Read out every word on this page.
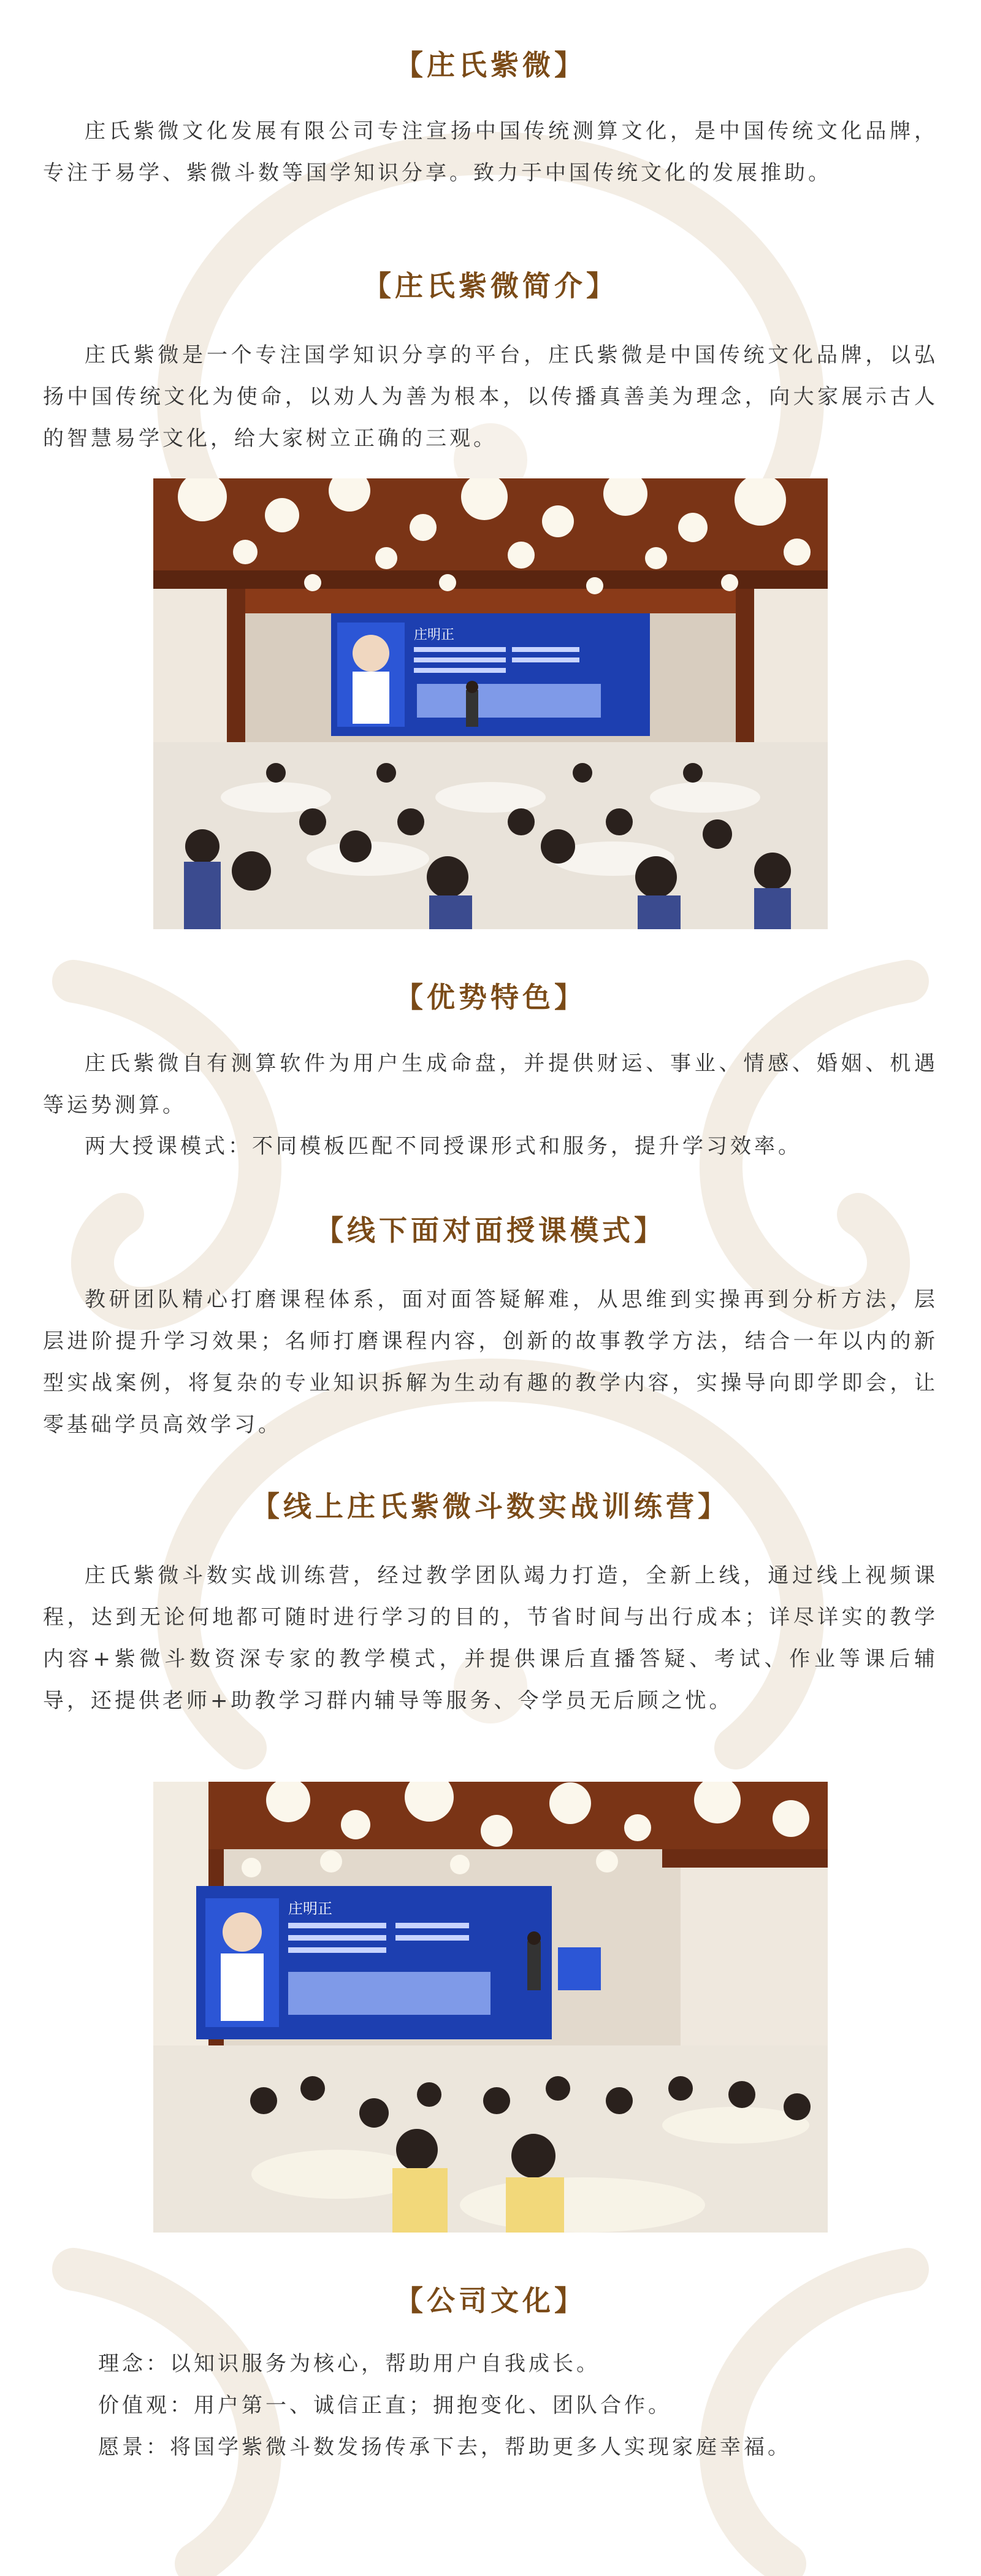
【庄氏紫微】

庄氏紫微文化发展有限公司专注宣扬中国传统测算文化，是中国传统文化品牌，专注于易学、紫微斗数等国学知识分享。致力于中国传统文化的发展推助。

【庄氏紫微简介】

庄氏紫微是一个专注国学知识分享的平台，庄氏紫微是中国传统文化品牌，以弘扬中国传统文化为使命，以劝人为善为根本，以传播真善美为理念，向大家展示古人的智慧易学文化，给大家树立正确的三观。

庄明正
【优势特色】

庄氏紫微自有测算软件为用户生成命盘，并提供财运、事业、情感、婚姻、机遇等运势测算。

两大授课模式：不同模板匹配不同授课形式和服务，提升学习效率。

【线下面对面授课模式】

教研团队精心打磨课程体系，面对面答疑解难，从思维到实操再到分析方法，层层进阶提升学习效果；名师打磨课程内容，创新的故事教学方法，结合一年以内的新型实战案例，将复杂的专业知识拆解为生动有趣的教学内容，实操导向即学即会，让零基础学员高效学习。

【线上庄氏紫微斗数实战训练营】

庄氏紫微斗数实战训练营，经过教学团队竭力打造，全新上线，通过线上视频课程，达到无论何地都可随时进行学习的目的，节省时间与出行成本；详尽详实的教学内容+紫微斗数资深专家的教学模式，并提供课后直播答疑、考试、作业等课后辅导，还提供老师+助教学习群内辅导等服务、令学员无后顾之忧。

庄明正
【公司文化】

理念：以知识服务为核心，帮助用户自我成长。

价值观：用户第一、诚信正直；拥抱变化、团队合作。

愿景：将国学紫微斗数发扬传承下去，帮助更多人实现家庭幸福。
